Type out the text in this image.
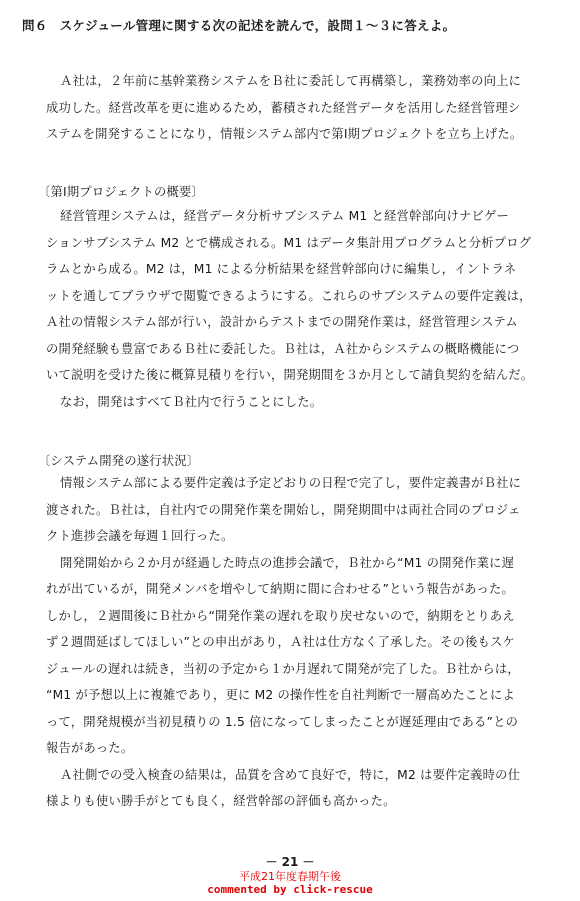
問６ スケジュール管理に関する次の記述を読んで，設問１～３に答えよ。
Ａ社は，２年前に基幹業務システムをＢ社に委託して再構築し，業務効率の向上に
成功した。経営改革を更に進めるため，蓄積された経営データを活用した経営管理シ
ステムを開発することになり，情報システム部内で第Ⅰ期プロジェクトを立ち上げた。
〔第Ⅰ期プロジェクトの概要〕
経営管理システムは，経営データ分析サブシステム M1 と経営幹部向けナビゲー
ションサブシステム M2 とで構成される。M1 はデータ集計用プログラムと分析プログ
ラムとから成る。M2 は，M1 による分析結果を経営幹部向けに編集し，イントラネ
ットを通してブラウザで閲覧できるようにする。これらのサブシステムの要件定義は，
Ａ社の情報システム部が行い，設計からテストまでの開発作業は，経営管理システム
の開発経験も豊富であるＢ社に委託した。Ｂ社は，Ａ社からシステムの概略機能につ
いて説明を受けた後に概算見積りを行い，開発期間を３か月として請負契約を結んだ。
なお，開発はすべてＢ社内で行うことにした。
〔システム開発の遂行状況〕
情報システム部による要件定義は予定どおりの日程で完了し，要件定義書がＢ社に
渡された。Ｂ社は，自社内での開発作業を開始し，開発期間中は両社合同のプロジェ
クト進捗会議を毎週１回行った。
開発開始から２か月が経過した時点の進捗会議で，Ｂ社から“M1 の開発作業に遅
れが出ているが，開発メンバを増やして納期に間に合わせる”という報告があった。
しかし，２週間後にＢ社から“開発作業の遅れを取り戻せないので，納期をとりあえ
ず２週間延ばしてほしい”との申出があり，Ａ社は仕方なく了承した。その後もスケ
ジュールの遅れは続き，当初の予定から１か月遅れて開発が完了した。Ｂ社からは，
“M1 が予想以上に複雑であり，更に M2 の操作性を自社判断で一層高めたことによ
って，開発規模が当初見積りの 1.5 倍になってしまったことが遅延理由である”との
報告があった。
Ａ社側での受入検査の結果は，品質を含めて良好で，特に，M2 は要件定義時の仕
様よりも使い勝手がとても良く，経営幹部の評価も高かった。
－ 21 －
平成21年度春期午後
commented by click-rescue
